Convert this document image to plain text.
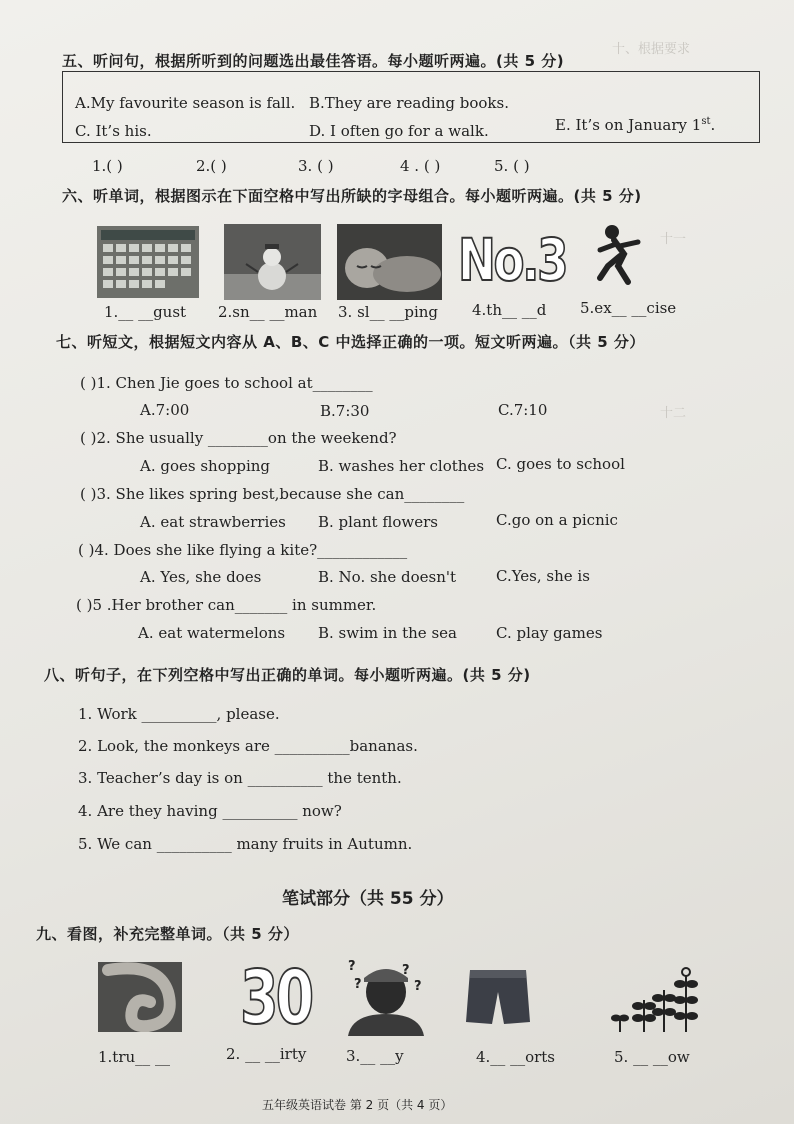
十、根据要求
十一
十二
五、听问句，根据所听到的问题选出最佳答语。每小题听两遍。(共 5 分)
A.My favourite season is fall. B.They are reading books.
C. It’s his.	D. I often go for a walk.	E. It’s on January 1st.
1.( )	2.( )	3. ( )	4 . ( )	5. ( )
六、听单词，根据图示在下面空格中写出所缺的字母组合。每小题听两遍。(共 5 分)
No.3
1.__ __gust 2.sn__ __man 3. sl__ __ping 4.th__ __d 5.ex__ __cise
七、听短文，根据短文内容从 A、B、C 中选择正确的一项。短文听两遍。（共 5 分）
( )1. Chen Jie goes to school at________
A.7:00	B.7:30	C.7:10
( )2. She usually ________on the weekend?
A. goes shopping	B. washes her clothes C. goes to school
( )3. She likes spring best,because she can________
A. eat strawberries B. plant flowers	C.go on a picnic
( )4. Does she like flying a kite?____________
A. Yes, she does	B. No. she doesn't	C.Yes, she is
( )5 .Her brother can_______ in summer.
A. eat watermelons B. swim in the sea	C. play games
八、听句子，在下列空格中写出正确的单词。每小题听两遍。(共 5 分)
1. Work __________, please.
2. Look, the monkeys are __________bananas.
3. Teacher’s day is on __________ the tenth.
4. Are they having __________ now?
5. We can __________ many fruits in Autumn.
笔试部分（共 55 分）
九、看图，补充完整单词。（共 5 分）
30	?	?
?	?
1.tru__ __	2. __ __irty	3.__ __y	4.__ __orts	5. __ __ow
五年级英语试卷 第 2 页（共 4 页）
